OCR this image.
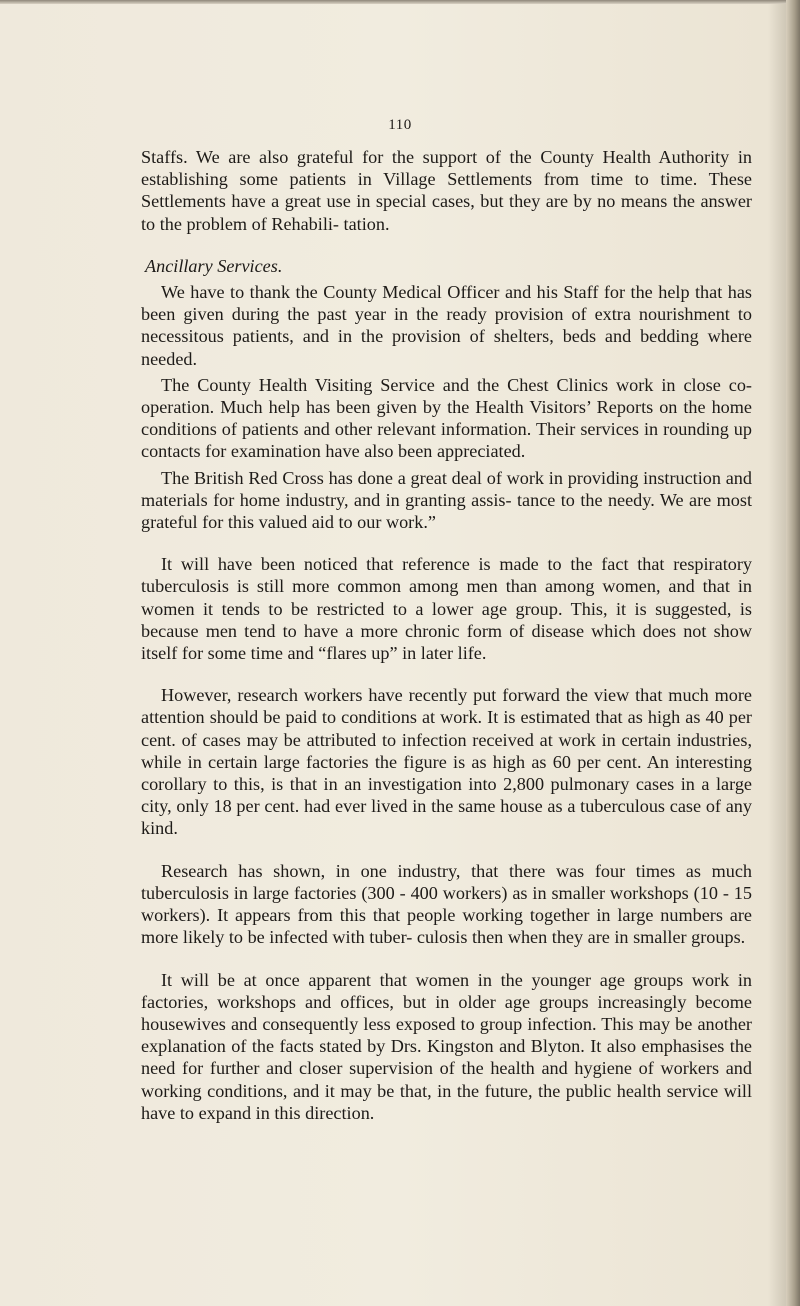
110

Staffs. We are also grateful for the support of the County Health Authority in establishing some patients in Village Settlements from time to time. These Settlements have a great use in special cases, but they are by no means the answer to the problem of Rehabili- tation.

Ancillary Services.

We have to thank the County Medical Officer and his Staff for the help that has been given during the past year in the ready provision of extra nourishment to necessitous patients, and in the provision of shelters, beds and bedding where needed.

The County Health Visiting Service and the Chest Clinics work in close co-operation. Much help has been given by the Health Visitors’ Reports on the home conditions of patients and other relevant information. Their services in rounding up contacts for examination have also been appreciated.

The British Red Cross has done a great deal of work in providing instruction and materials for home industry, and in granting assis- tance to the needy. We are most grateful for this valued aid to our work.”

It will have been noticed that reference is made to the fact that respiratory tuberculosis is still more common among men than among women, and that in women it tends to be restricted to a lower age group. This, it is suggested, is because men tend to have a more chronic form of disease which does not show itself for some time and “flares up” in later life.

However, research workers have recently put forward the view that much more attention should be paid to conditions at work. It is estimated that as high as 40 per cent. of cases may be attributed to infection received at work in certain industries, while in certain large factories the figure is as high as 60 per cent. An interesting corollary to this, is that in an investigation into 2,800 pulmonary cases in a large city, only 18 per cent. had ever lived in the same house as a tuberculous case of any kind.

Research has shown, in one industry, that there was four times as much tuberculosis in large factories (300 - 400 workers) as in smaller workshops (10 - 15 workers). It appears from this that people working together in large numbers are more likely to be infected with tuber- culosis then when they are in smaller groups.

It will be at once apparent that women in the younger age groups work in factories, workshops and offices, but in older age groups increasingly become housewives and consequently less exposed to group infection. This may be another explanation of the facts stated by Drs. Kingston and Blyton. It also emphasises the need for further and closer supervision of the health and hygiene of workers and working conditions, and it may be that, in the future, the public health service will have to expand in this direction.
